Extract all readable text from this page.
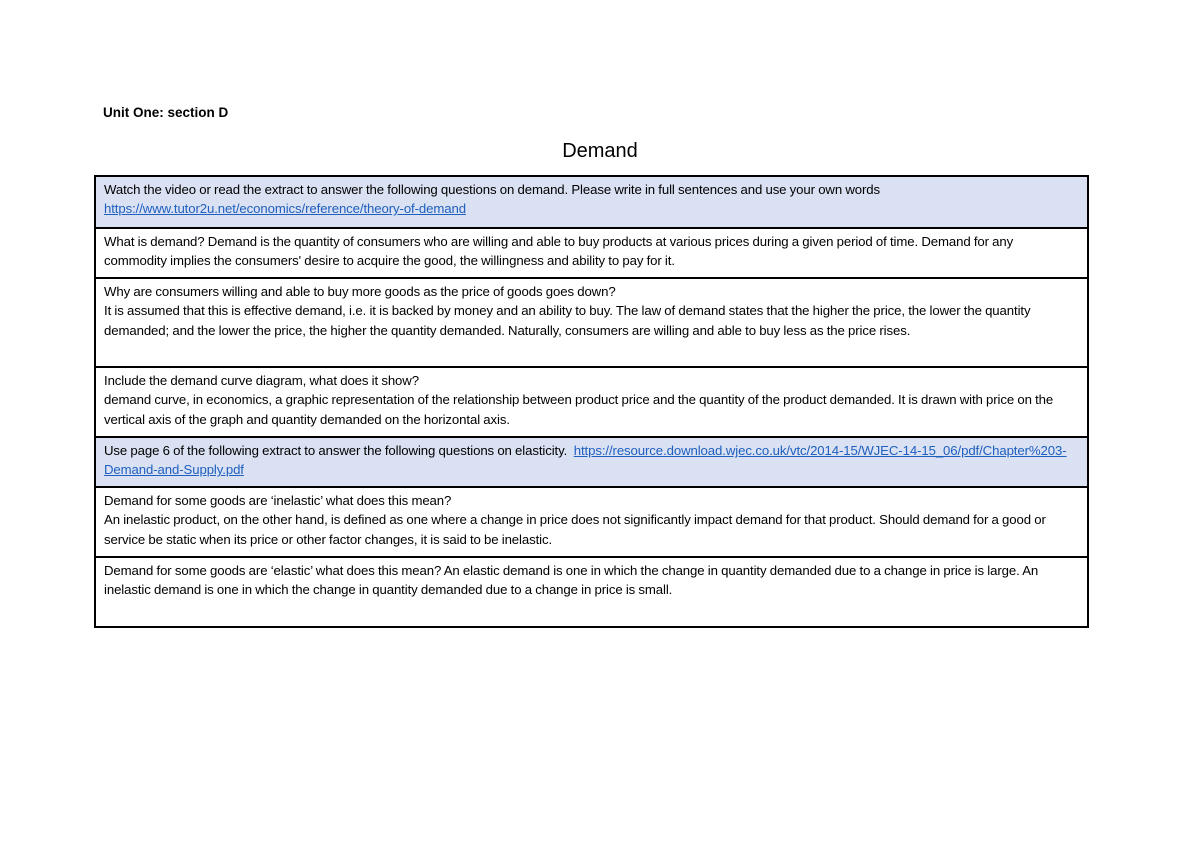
Unit One: section D
Demand
Watch the video or read the extract to answer the following questions on demand. Please write in full sentences and use your own words
https://www.tutor2u.net/economics/reference/theory-of-demand

What is demand? Demand is the quantity of consumers who are willing and able to buy products at various prices during a given period of time. Demand for any commodity implies the consumers' desire to acquire the good, the willingness and ability to pay for it.

Why are consumers willing and able to buy more goods as the price of goods goes down?
It is assumed that this is effective demand, i.e. it is backed by money and an ability to buy. The law of demand states that the higher the price, the lower the quantity demanded; and the lower the price, the higher the quantity demanded. Naturally, consumers are willing and able to buy less as the price rises.

Include the demand curve diagram, what does it show?
demand curve, in economics, a graphic representation of the relationship between product price and the quantity of the product demanded. It is drawn with price on the vertical axis of the graph and quantity demanded on the horizontal axis.

Use page 6 of the following extract to answer the following questions on elasticity. https://resource.download.wjec.co.uk/vtc/2014-15/WJEC-14-15_06/pdf/Chapter%203-Demand-and-Supply.pdf

Demand for some goods are ‘inelastic’ what does this mean?
An inelastic product, on the other hand, is defined as one where a change in price does not significantly impact demand for that product. Should demand for a good or service be static when its price or other factor changes, it is said to be inelastic.

Demand for some goods are ‘elastic’ what does this mean? An elastic demand is one in which the change in quantity demanded due to a change in price is large. An inelastic demand is one in which the change in quantity demanded due to a change in price is small.
